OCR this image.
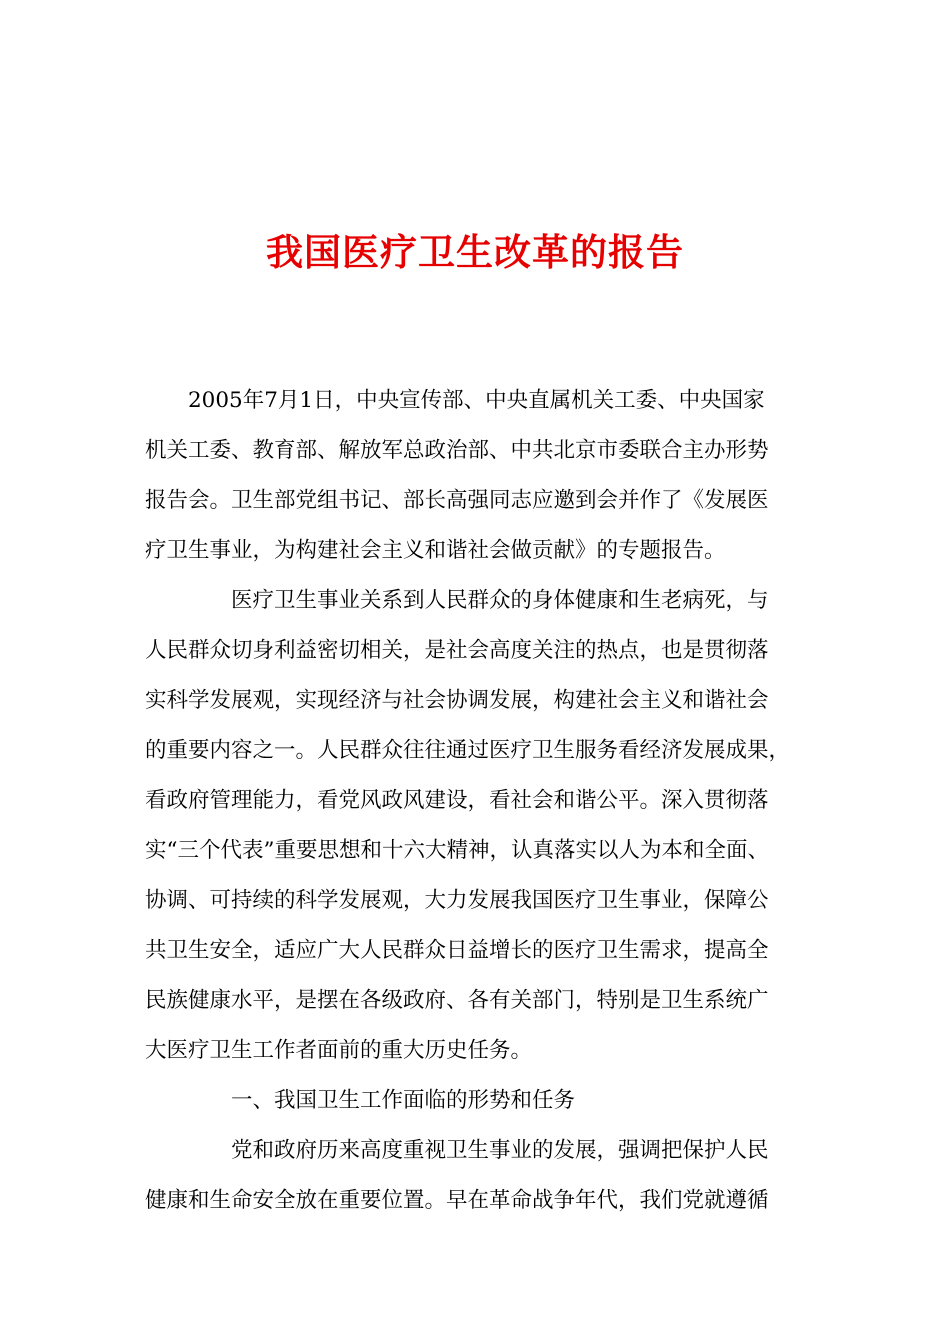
我国医疗卫生改革的报告

　　2005年7月1日，中央宣传部、中央直属机关工委、中央国家
机关工委、教育部、解放军总政治部、中共北京市委联合主办形势
报告会。卫生部党组书记、部长高强同志应邀到会并作了《发展医
疗卫生事业，为构建社会主义和谐社会做贡献》的专题报告。

　　　　医疗卫生事业关系到人民群众的身体健康和生老病死，与
人民群众切身利益密切相关，是社会高度关注的热点，也是贯彻落
实科学发展观，实现经济与社会协调发展，构建社会主义和谐社会
的重要内容之一。人民群众往往通过医疗卫生服务看经济发展成果，
看政府管理能力，看党风政风建设，看社会和谐公平。深入贯彻落
实“三个代表”重要思想和十六大精神，认真落实以人为本和全面、
协调、可持续的科学发展观，大力发展我国医疗卫生事业，保障公
共卫生安全，适应广大人民群众日益增长的医疗卫生需求，提高全
民族健康水平，是摆在各级政府、各有关部门，特别是卫生系统广
大医疗卫生工作者面前的重大历史任务。

　　　　一、我国卫生工作面临的形势和任务

　　　　党和政府历来高度重视卫生事业的发展，强调把保护人民
健康和生命安全放在重要位置。早在革命战争年代，我们党就遵循
